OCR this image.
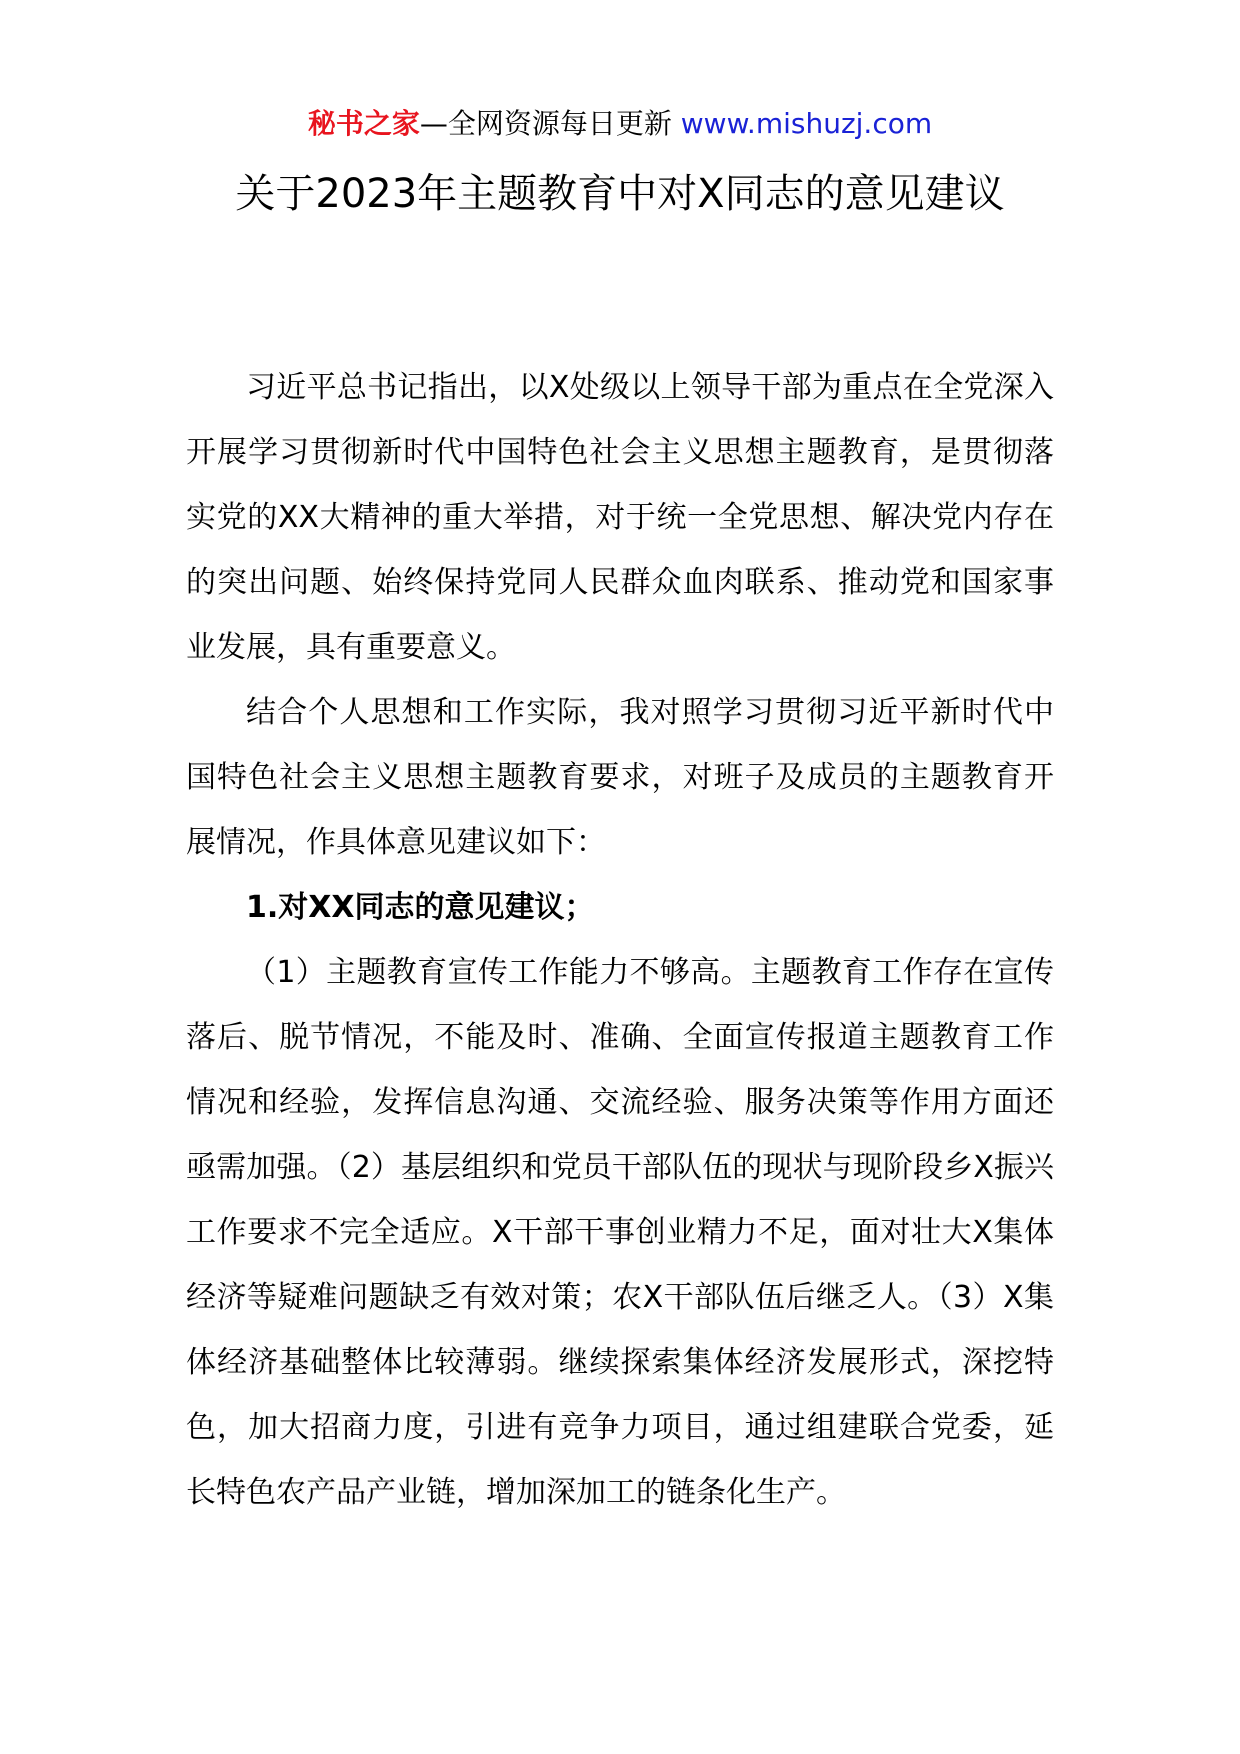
秘书之家—全网资源每日更新 www.mishuzj.com
关于2023年主题教育中对X同志的意见建议

习近平总书记指出，以X处级以上领导干部为重点在全党深入开展学习贯彻新时代中国特色社会主义思想主题教育，是贯彻落实党的XX大精神的重大举措，对于统一全党思想、解决党内存在的突出问题、始终保持党同人民群众血肉联系、推动党和国家事业发展，具有重要意义。

结合个人思想和工作实际，我对照学习贯彻习近平新时代中国特色社会主义思想主题教育要求，对班子及成员的主题教育开展情况，作具体意见建议如下：

1.对XX同志的意见建议；

（1）主题教育宣传工作能力不够高。主题教育工作存在宣传落后、脱节情况，不能及时、准确、全面宣传报道主题教育工作情况和经验，发挥信息沟通、交流经验、服务决策等作用方面还亟需加强。（2）基层组织和党员干部队伍的现状与现阶段乡X振兴工作要求不完全适应。X干部干事创业精力不足，面对壮大X集体经济等疑难问题缺乏有效对策；农X干部队伍后继乏人。（3）X集体经济基础整体比较薄弱。继续探索集体经济发展形式，深挖特色，加大招商力度，引进有竞争力项目，通过组建联合党委，延长特色农产品产业链，增加深加工的链条化生产。
